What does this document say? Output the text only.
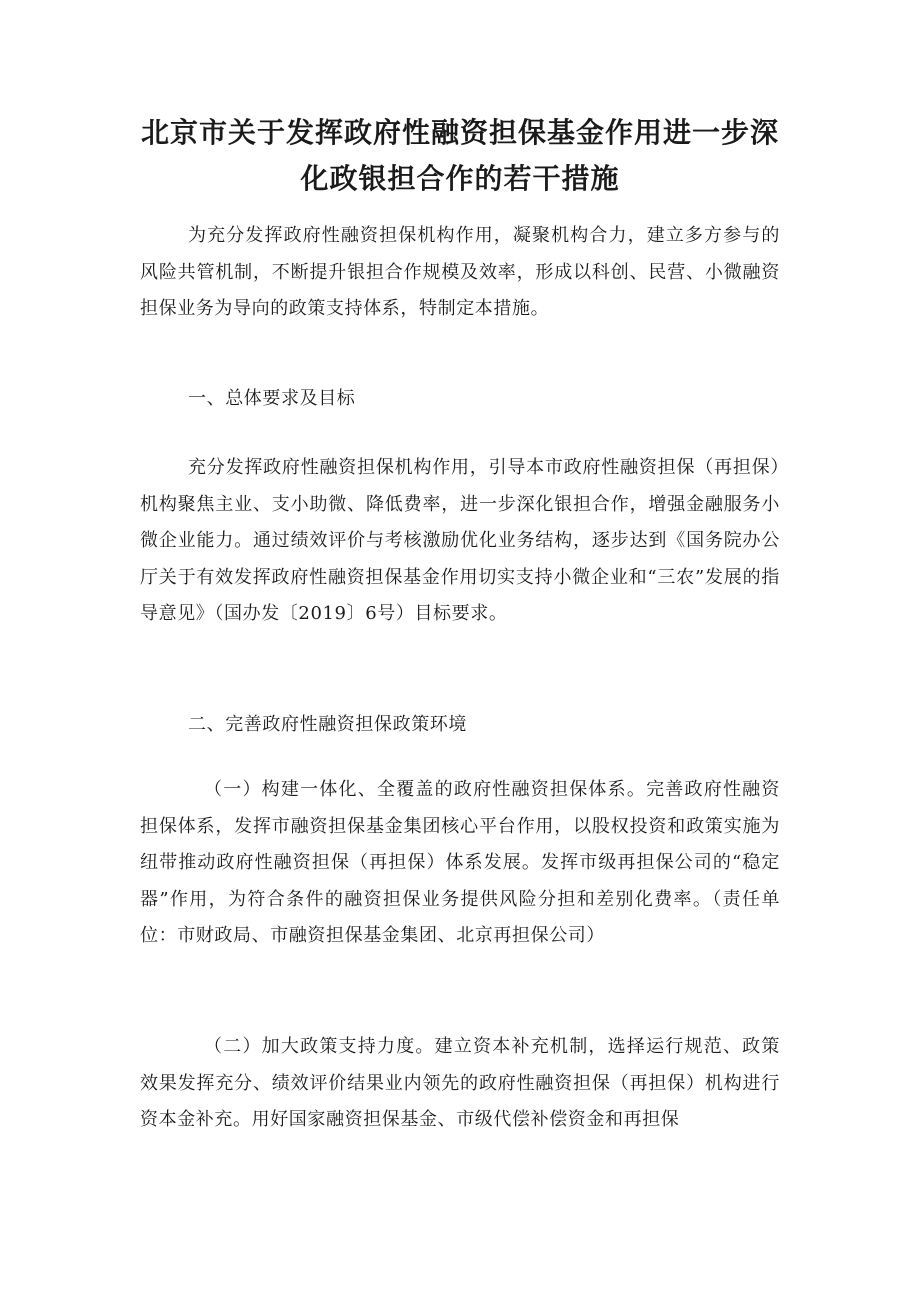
北京市关于发挥政府性融资担保基金作用进一步深
化政银担合作的若干措施

为充分发挥政府性融资担保机构作用，凝聚机构合力，建立多方参与的风险共管机制，不断提升银担合作规模及效率，形成以科创、民营、小微融资担保业务为导向的政策支持体系，特制定本措施。

一、总体要求及目标

充分发挥政府性融资担保机构作用，引导本市政府性融资担保（再担保）机构聚焦主业、支小助微、降低费率，进一步深化银担合作，增强金融服务小微企业能力。通过绩效评价与考核激励优化业务结构，逐步达到《国务院办公厅关于有效发挥政府性融资担保基金作用切实支持小微企业和“三农”发展的指导意见》（国办发〔2019〕6号）目标要求。

二、完善政府性融资担保政策环境

（一）构建一体化、全覆盖的政府性融资担保体系。完善政府性融资担保体系，发挥市融资担保基金集团核心平台作用，以股权投资和政策实施为纽带推动政府性融资担保（再担保）体系发展。发挥市级再担保公司的“稳定器”作用，为符合条件的融资担保业务提供风险分担和差别化费率。（责任单位：市财政局、市融资担保基金集团、北京再担保公司）

（二）加大政策支持力度。建立资本补充机制，选择运行规范、政策效果发挥充分、绩效评价结果业内领先的政府性融资担保（再担保）机构进行资本金补充。用好国家融资担保基金、市级代偿补偿资金和再担保
